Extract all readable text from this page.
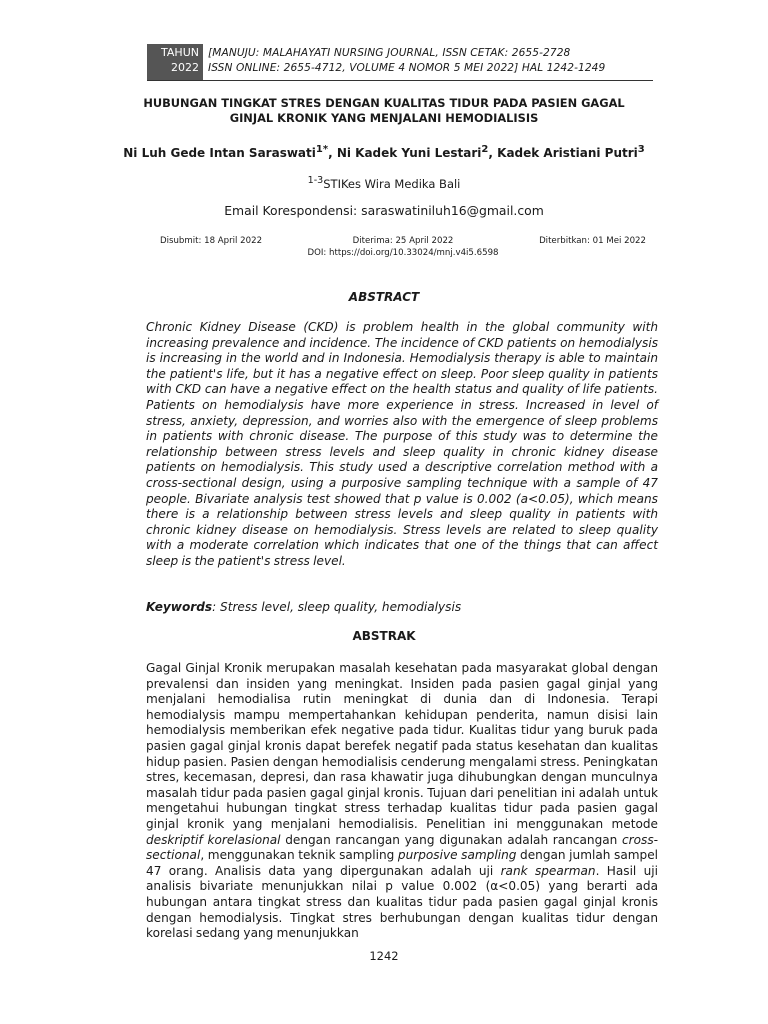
TAHUN
2022
[MANUJU: MALAHAYATI NURSING JOURNAL, ISSN CETAK: 2655-2728
ISSN ONLINE: 2655-4712, VOLUME 4 NOMOR 5 MEI 2022] HAL 1242-1249
HUBUNGAN TINGKAT STRES DENGAN KUALITAS TIDUR PADA PASIEN GAGAL
GINJAL KRONIK YANG MENJALANI HEMODIALISIS
Ni Luh Gede Intan Saraswati$^{1*}$, Ni Kadek Yuni Lestari$^2$, Kadek Aristiani Putri$^3$
$^{1-3}$STIKes Wira Medika Bali
Email Korespondensi: saraswatiniluh16@gmail.com
Disubmit: 18 April 2022	Diterima: 25 April 2022	Diterbitkan: 01 Mei 2022
DOI: https://doi.org/10.33024/mnj.v4i5.6598
ABSTRACT
Chronic Kidney Disease (CKD) is problem health in the global community with increasing prevalence and incidence. The incidence of CKD patients on hemodialysis is increasing in the world and in Indonesia. Hemodialysis therapy is able to maintain the patient's life, but it has a negative effect on sleep. Poor sleep quality in patients with CKD can have a negative effect on the health status and quality of life patients. Patients on hemodialysis have more experience in stress. Increased in level of stress, anxiety, depression, and worries also with the emergence of sleep problems in patients with chronic disease. The purpose of this study was to determine the relationship between stress levels and sleep quality in chronic kidney disease patients on hemodialysis. This study used a descriptive correlation method with a cross-sectional design, using a purposive sampling technique with a sample of 47 people. Bivariate analysis test showed that p value is 0.002 (a<0.05), which means there is a relationship between stress levels and sleep quality in patients with chronic kidney disease on hemodialysis. Stress levels are related to sleep quality with a moderate correlation which indicates that one of the things that can affect sleep is the patient's stress level.
Keywords: Stress level, sleep quality, hemodialysis
ABSTRAK
Gagal Ginjal Kronik merupakan masalah kesehatan pada masyarakat global dengan prevalensi dan insiden yang meningkat. Insiden pada pasien gagal ginjal yang menjalani hemodialisa rutin meningkat di dunia dan di Indonesia. Terapi hemodialysis mampu mempertahankan kehidupan penderita, namun disisi lain hemodialysis memberikan efek negative pada tidur. Kualitas tidur yang buruk pada pasien gagal ginjal kronis dapat berefek negatif pada status kesehatan dan kualitas hidup pasien. Pasien dengan hemodialisis cenderung mengalami stress. Peningkatan stres, kecemasan, depresi, dan rasa khawatir juga dihubungkan dengan munculnya masalah tidur pada pasien gagal ginjal kronis. Tujuan dari penelitian ini adalah untuk mengetahui hubungan tingkat stress terhadap kualitas tidur pada pasien gagal ginjal kronik yang menjalani hemodialisis. Penelitian ini menggunakan metode deskriptif korelasional dengan rancangan yang digunakan adalah rancangan cross-sectional, menggunakan teknik sampling purposive sampling dengan jumlah sampel 47 orang. Analisis data yang dipergunakan adalah uji rank spearman. Hasil uji analisis bivariate menunjukkan nilai p value 0.002 (α<0.05) yang berarti ada hubungan antara tingkat stress dan kualitas tidur pada pasien gagal ginjal kronis dengan hemodialysis. Tingkat stres berhubungan dengan kualitas tidur dengan korelasi sedang yang menunjukkan
1242
